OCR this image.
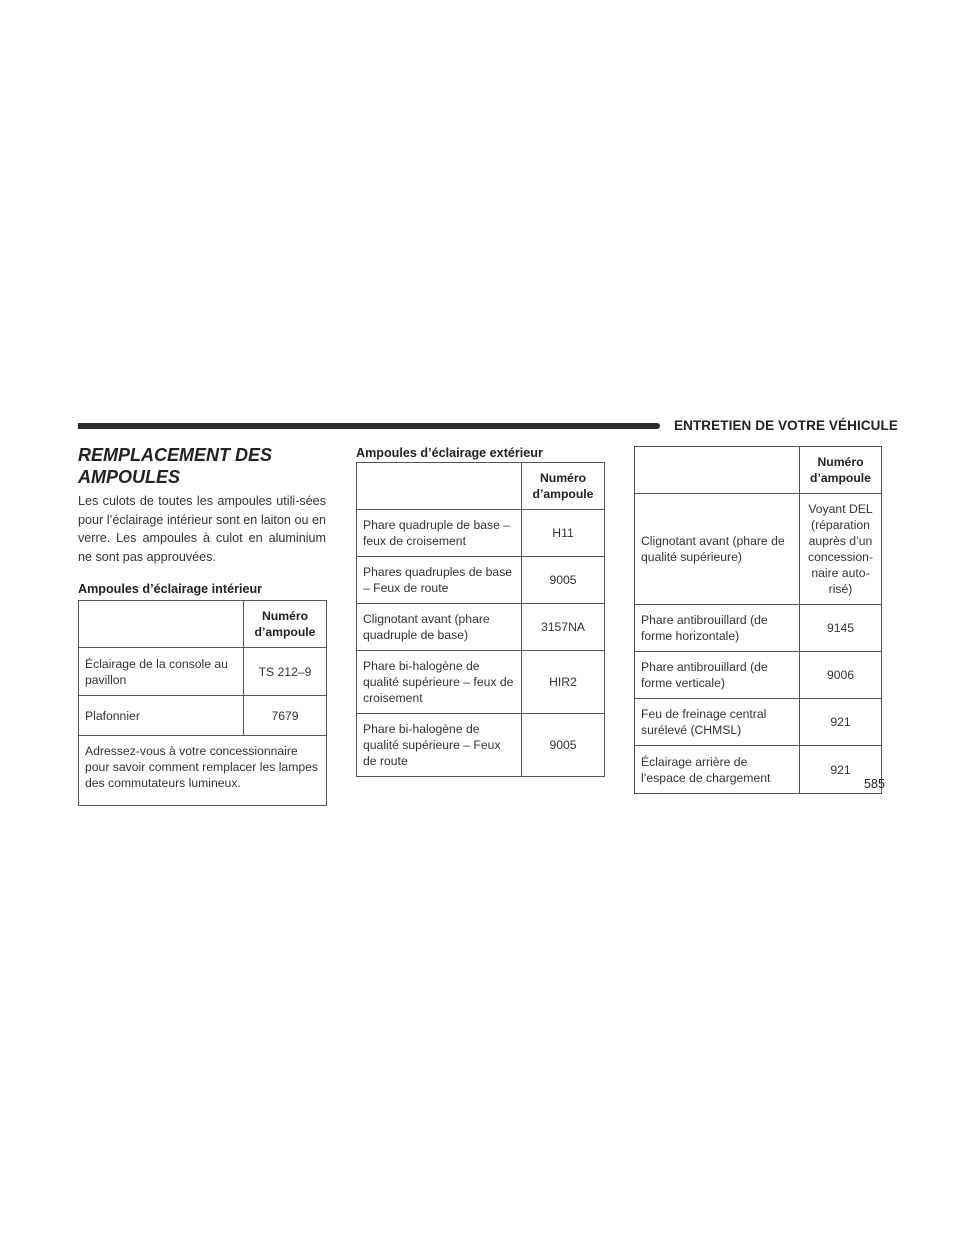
ENTRETIEN DE VOTRE VÉHICULE
REMPLACEMENT DES AMPOULES

Les culots de toutes les ampoules utili-sées pour l’éclairage intérieur sont en laiton ou en verre. Les ampoules à culot en aluminium ne sont pas approuvées.

Ampoules d’éclairage intérieur
	Numéro d’ampoule
Éclairage de la console au pavillon	TS 212–9
Plafonnier	7679
Adressez-vous à votre concessionnaire pour savoir comment remplacer les lampes des commutateurs lumineux.	
Ampoules d’éclairage extérieur
	Numéro d’ampoule
Phare quadruple de base – feux de croisement	H11
Phares quadruples de base – Feux de route	9005
Clignotant avant (phare quadruple de base)	3157NA
Phare bi-halogène de qualité supérieure – feux de croisement	HIR2
Phare bi-halogène de qualité supérieure – Feux de route	9005
	Numéro d’ampoule
Clignotant avant (phare de qualité supérieure)	Voyant DEL (réparation auprès d’un concession-naire auto-risé)
Phare antibrouillard (de forme horizontale)	9145
Phare antibrouillard (de forme verticale)	9006
Feu de freinage central surélevé (CHMSL)	921
Éclairage arrière de l’espace de chargement	921
585
